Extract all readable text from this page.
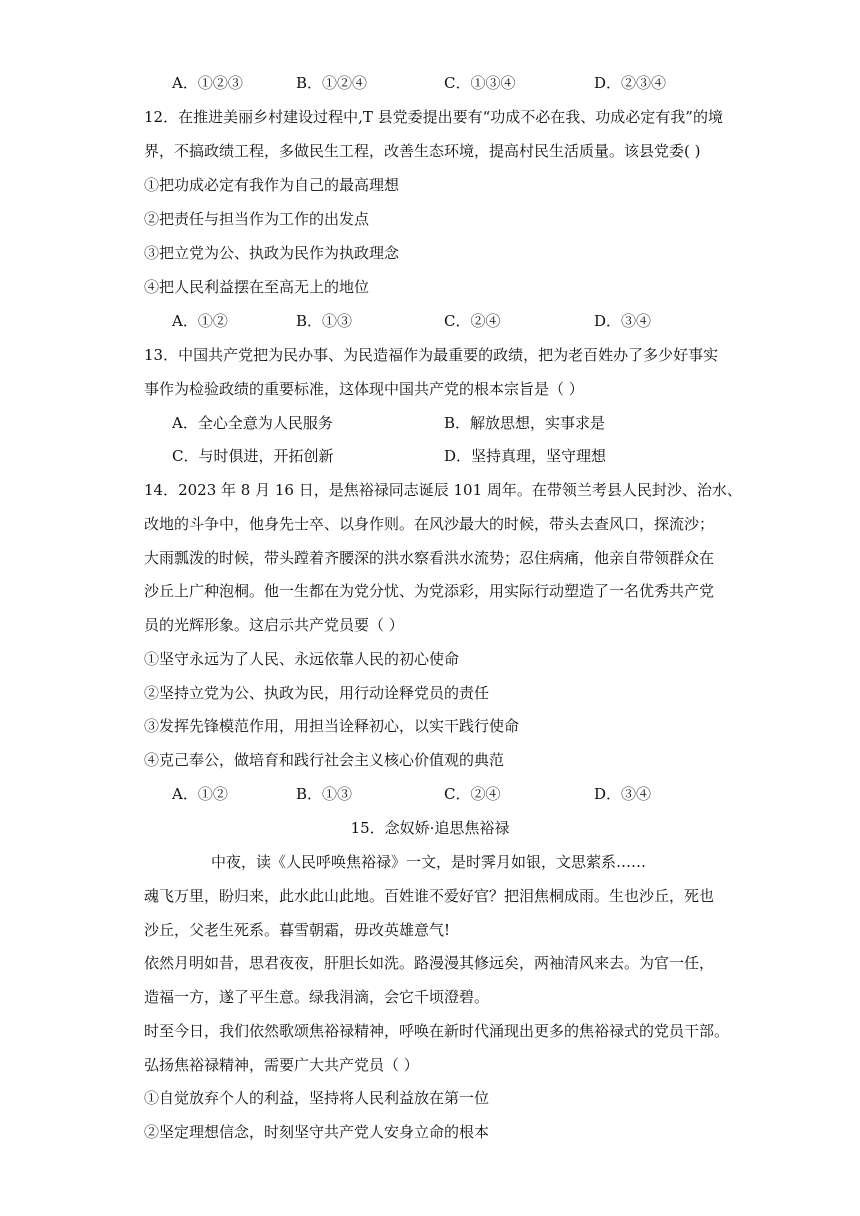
A．①②③	B．①②④	C．①③④	D．②③④
12．在推进美丽乡村建设过程中,T 县党委提出要有“功成不必在我、功成必定有我”的境
界，不搞政绩工程，多做民生工程，改善生态环境，提高村民生活质量。该县党委( )
①把功成必定有我作为自己的最高理想
②把责任与担当作为工作的出发点
③把立党为公、执政为民作为执政理念
④把人民利益摆在至高无上的地位
A．①②	B．①③	C．②④	D．③④
13．中国共产党把为民办事、为民造福作为最重要的政绩，把为老百姓办了多少好事实
事作为检验政绩的重要标准，这体现中国共产党的根本宗旨是（ ）
A．全心全意为人民服务	B．解放思想，实事求是
C．与时俱进，开拓创新	D．坚持真理，坚守理想
14．2023 年 8 月 16 日，是焦裕禄同志诞辰 101 周年。在带领兰考县人民封沙、治水、
改地的斗争中，他身先士卒、以身作则。在风沙最大的时候，带头去查风口，探流沙；
大雨瓢泼的时候，带头蹚着齐腰深的洪水察看洪水流势；忍住病痛，他亲自带领群众在
沙丘上广种泡桐。他一生都在为党分忧、为党添彩，用实际行动塑造了一名优秀共产党
员的光辉形象。这启示共产党员要（ ）
①坚守永远为了人民、永远依靠人民的初心使命
②坚持立党为公、执政为民，用行动诠释党员的责任
③发挥先锋模范作用，用担当诠释初心，以实干践行使命
④克己奉公，做培育和践行社会主义核心价值观的典范
A．①②	B．①③	C．②④	D．③④
15．念奴娇·追思焦裕禄
中夜，读《人民呼唤焦裕禄》一文，是时霁月如银，文思萦系……
魂飞万里，盼归来，此水此山此地。百姓谁不爱好官？把泪焦桐成雨。生也沙丘，死也
沙丘，父老生死系。暮雪朝霜，毋改英雄意气!
依然月明如昔，思君夜夜，肝胆长如洗。路漫漫其修远矣，两袖清风来去。为官一任，
造福一方，遂了平生意。绿我涓滴，会它千顷澄碧。
时至今日，我们依然歌颂焦裕禄精神，呼唤在新时代涌现出更多的焦裕禄式的党员干部。
弘扬焦裕禄精神，需要广大共产党员（ ）
①自觉放弃个人的利益，坚持将人民利益放在第一位
②坚定理想信念，时刻坚守共产党人安身立命的根本
